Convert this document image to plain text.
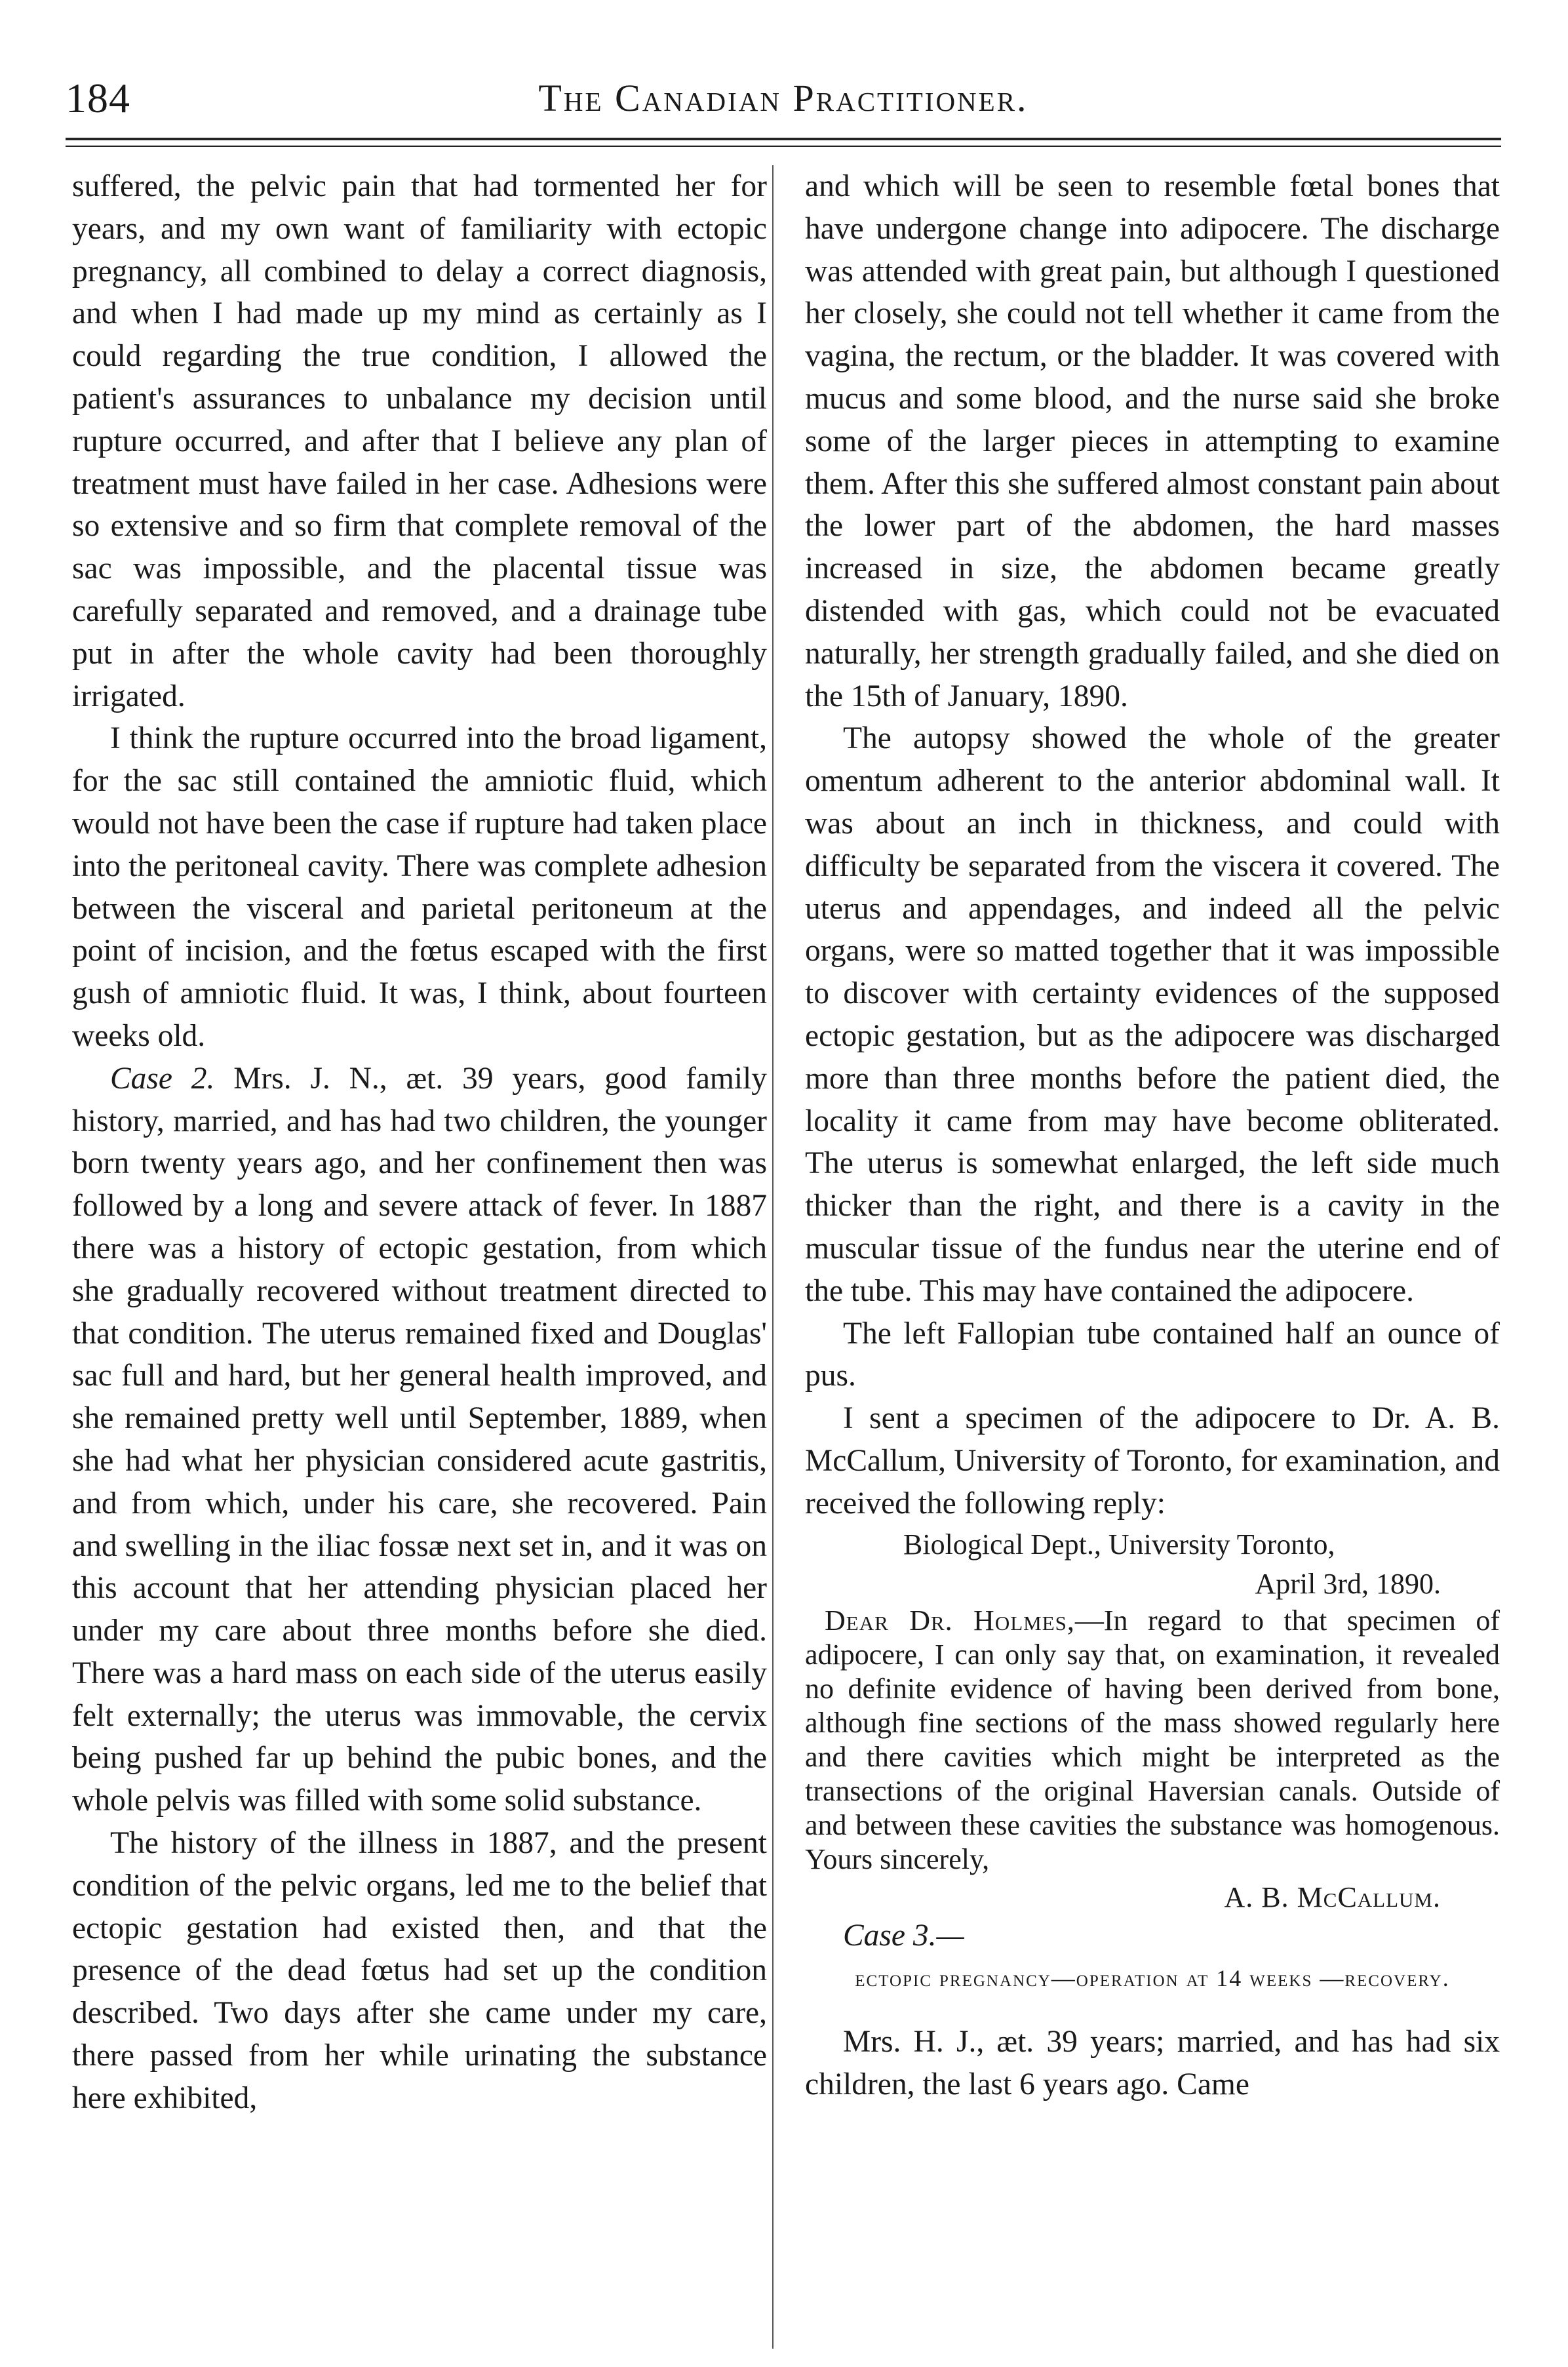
184	The Canadian Practitioner.

suffered, the pelvic pain that had tormented her for years, and my own want of familiarity with ectopic pregnancy, all combined to delay a correct diagnosis, and when I had made up my mind as certainly as I could regarding the true condition, I allowed the patient's assurances to unbalance my decision until rupture occurred, and after that I believe any plan of treatment must have failed in her case. Adhesions were so extensive and so firm that complete removal of the sac was impossible, and the placental tissue was carefully separated and removed, and a drainage tube put in after the whole cavity had been thoroughly irrigated.

I think the rupture occurred into the broad ligament, for the sac still contained the amniotic fluid, which would not have been the case if rupture had taken place into the peritoneal cavity. There was complete adhesion between the visceral and parietal peritoneum at the point of incision, and the fœtus escaped with the first gush of amniotic fluid. It was, I think, about fourteen weeks old.

Case 2. Mrs. J. N., æt. 39 years, good family history, married, and has had two children, the younger born twenty years ago, and her confinement then was followed by a long and severe attack of fever. In 1887 there was a history of ectopic gestation, from which she gradually recovered without treatment directed to that condition. The uterus remained fixed and Douglas' sac full and hard, but her general health improved, and she remained pretty well until September, 1889, when she had what her physician considered acute gastritis, and from which, under his care, she recovered. Pain and swelling in the iliac fossæ next set in, and it was on this account that her attending physician placed her under my care about three months before she died. There was a hard mass on each side of the uterus easily felt externally; the uterus was immovable, the cervix being pushed far up behind the pubic bones, and the whole pelvis was filled with some solid substance.

The history of the illness in 1887, and the present condition of the pelvic organs, led me to the belief that ectopic gestation had existed then, and that the presence of the dead fœtus had set up the condition described. Two days after she came under my care, there passed from her while urinating the substance here exhibited,

and which will be seen to resemble fœtal bones that have undergone change into adipocere. The discharge was attended with great pain, but although I questioned her closely, she could not tell whether it came from the vagina, the rectum, or the bladder. It was covered with mucus and some blood, and the nurse said she broke some of the larger pieces in attempting to examine them. After this she suffered almost constant pain about the lower part of the abdomen, the hard masses increased in size, the abdomen became greatly distended with gas, which could not be evacuated naturally, her strength gradually failed, and she died on the 15th of January, 1890.

The autopsy showed the whole of the greater omentum adherent to the anterior abdominal wall. It was about an inch in thickness, and could with difficulty be separated from the viscera it covered. The uterus and appendages, and indeed all the pelvic organs, were so matted together that it was impossible to discover with certainty evidences of the supposed ectopic gestation, but as the adipocere was discharged more than three months before the patient died, the locality it came from may have become obliterated. The uterus is somewhat enlarged, the left side much thicker than the right, and there is a cavity in the muscular tissue of the fundus near the uterine end of the tube. This may have contained the adipocere.

The left Fallopian tube contained half an ounce of pus.

I sent a specimen of the adipocere to Dr. A. B. McCallum, University of Toronto, for examination, and received the following reply:

Biological Dept., University Toronto,
April 3rd, 1890.

Dear Dr. Holmes,—In regard to that specimen of adipocere, I can only say that, on examination, it revealed no definite evidence of having been derived from bone, although fine sections of the mass showed regularly here and there cavities which might be interpreted as the transections of the original Haversian canals. Outside of and between these cavities the substance was homogenous. Yours sincerely,

A. B. McCallum.

Case 3.—

ectopic pregnancy—operation at 14 weeks —recovery.

Mrs. H. J., æt. 39 years; married, and has had six children, the last 6 years ago. Came
